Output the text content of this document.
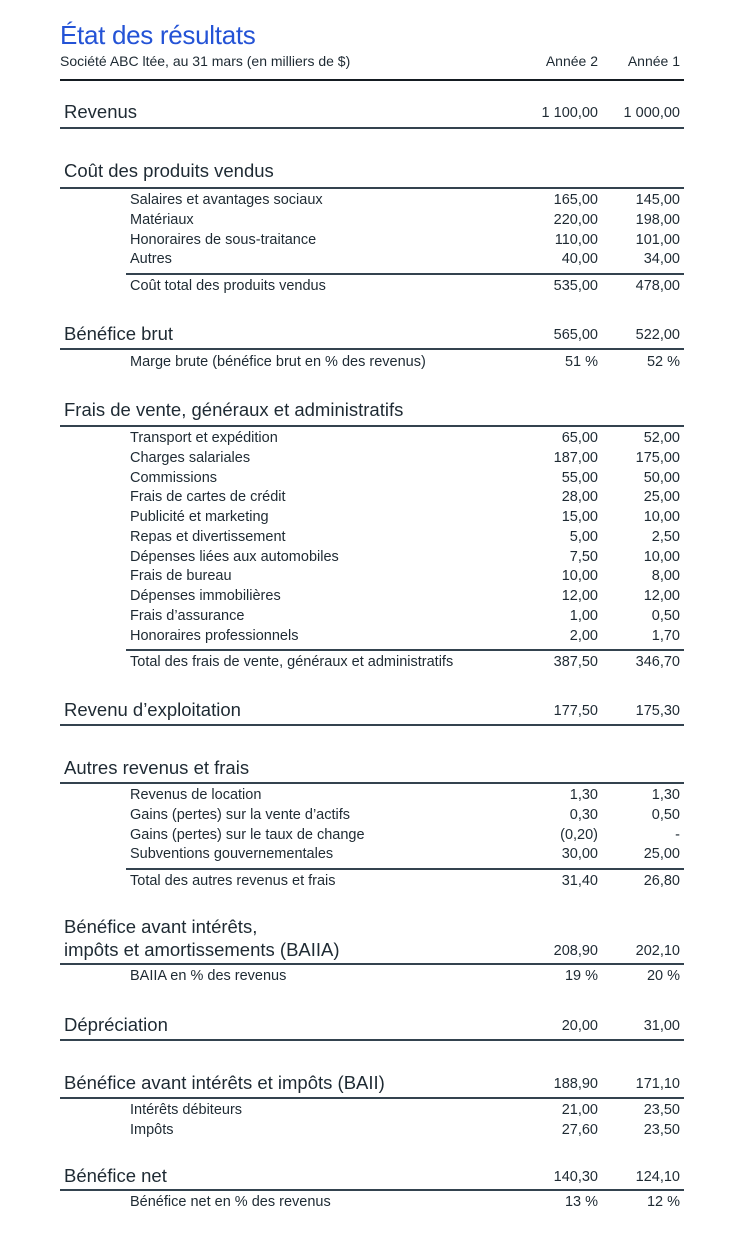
État des résultats
Société ABC ltée, au 31 mars (en milliers de $)	Année 2	Année 1
Revenus	1 100,00	1 000,00
Coût des produits vendus
Salaires et avantages sociaux	165,00	145,00
Matériaux	220,00	198,00
Honoraires de sous-traitance	110,00	101,00
Autres	40,00	34,00
Coût total des produits vendus	535,00	478,00
Bénéfice brut	565,00	522,00
Marge brute (bénéfice brut en % des revenus)	51 %	52 %
Frais de vente, généraux et administratifs
Transport et expédition	65,00	52,00
Charges salariales	187,00	175,00
Commissions	55,00	50,00
Frais de cartes de crédit	28,00	25,00
Publicité et marketing	15,00	10,00
Repas et divertissement	5,00	2,50
Dépenses liées aux automobiles	7,50	10,00
Frais de bureau	10,00	8,00
Dépenses immobilières	12,00	12,00
Frais d’assurance	1,00	0,50
Honoraires professionnels	2,00	1,70
Total des frais de vente, généraux et administratifs	387,50	346,70
Revenu d’exploitation	177,50	175,30
Autres revenus et frais
Revenus de location	1,30	1,30
Gains (pertes) sur la vente d’actifs	0,30	0,50
Gains (pertes) sur le taux de change	(0,20)	-
Subventions gouvernementales	30,00	25,00
Total des autres revenus et frais	31,40	26,80
Bénéfice avant intérêts,
impôts et amortissements (BAIIA)	208,90	202,10
BAIIA en % des revenus	19 %	20 %
Dépréciation	20,00	31,00
Bénéfice avant intérêts et impôts (BAII)	188,90	171,10
Intérêts débiteurs	21,00	23,50
Impôts	27,60	23,50
Bénéfice net	140,30	124,10
Bénéfice net en % des revenus	13 %	12 %
